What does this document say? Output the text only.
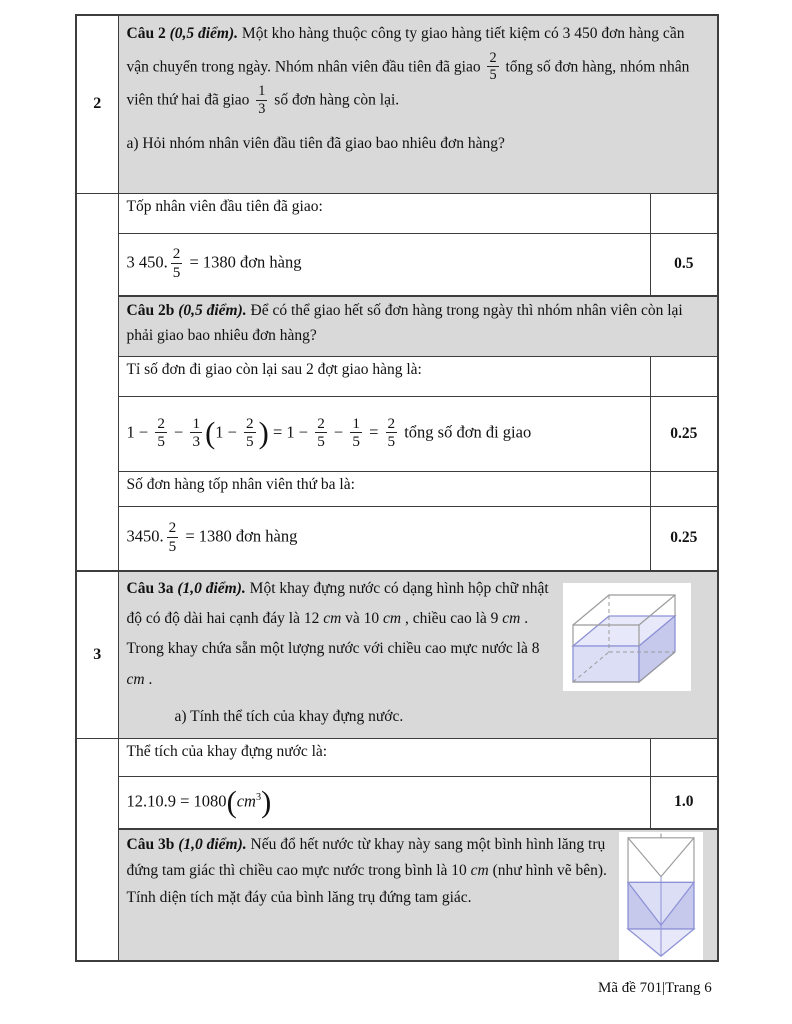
2	

Câu 2 (0,5 điểm). Một kho hàng thuộc công ty giao hàng tiết kiệm có 3 450 đơn hàng cần vận chuyển trong ngày. Nhóm nhân viên đầu tiên đã giao $\frac{2}{5}$ tổng số đơn hàng, nhóm nhân viên thứ hai đã giao $\frac{1}{3}$ số đơn hàng còn lại.

a) Hỏi nhóm nhân viên đầu tiên đã giao bao nhiêu đơn hàng?

	Tốp nhân viên đầu tiên đã giao:	
	3 450. $\frac{2}{5} = 1380$ đơn hàng	0.5

	Câu 2b (0,5 điểm). Để có thể giao hết số đơn hàng trong ngày thì nhóm nhân viên còn lại phải giao bao nhiêu đơn hàng?	

	Tỉ số đơn đi giao còn lại sau 2 đợt giao hàng là:	
$1 - \frac{2}{5} - \frac{1}{3} (1 - \frac{2}{5}$ ) = $1 - \frac{2}{5} - \frac{1}{5} = \frac{2}{5}$ tổng số đơn đi giao	0.25
	Số đơn hàng tốp nhân viên thứ ba là:	
	3450. $\frac{2}{5} = 1380$ đơn hàng	0.25
3	Câu 3a (1,0 điểm). Một khay đựng nước có dạng hình hộp chữ nhật độ có độ dài hai cạnh đáy là 12 cm và 10 cm , chiều cao là 9 cm . Trong khay chứa sẵn một lượng nước với chiều cao mực nước là 8 cm .

a) Tính thể tích của khay đựng nước.	

	Thể tích của khay đựng nước là:	
	$12.10.9 = 1080(cm^3)$	1.0

	Câu 3b (1,0 điểm). Nếu đổ hết nước từ khay này sang một bình hình lăng trụ đứng tam giác thì chiều cao mực nước trong bình là 10 cm (như hình vẽ bên). Tính diện tích mặt đáy của bình lăng trụ đứng tam giác.	

Mã đề 701|Trang 6
